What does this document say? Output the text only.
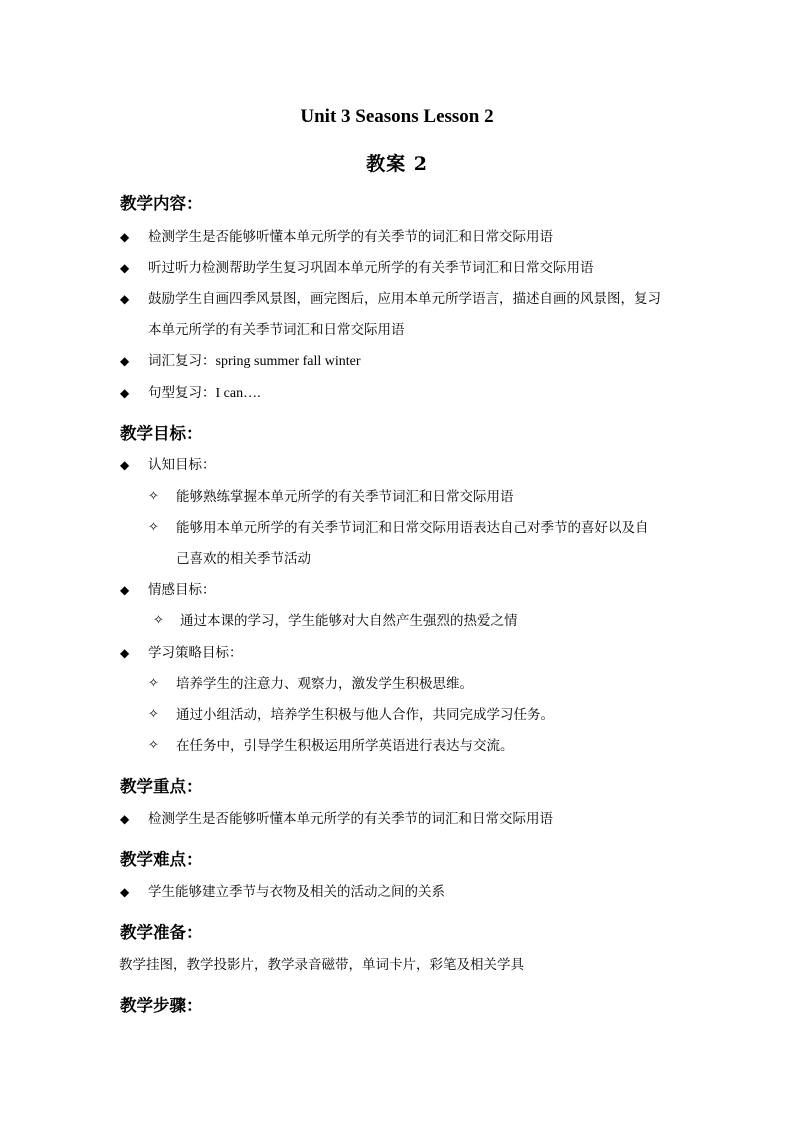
Unit 3 Seasons Lesson 2
教案 2
教学内容：
◆ 检测学生是否能够听懂本单元所学的有关季节的词汇和日常交际用语
◆ 听过听力检测帮助学生复习巩固本单元所学的有关季节词汇和日常交际用语
◆ 鼓励学生自画四季风景图，画完图后，应用本单元所学语言，描述自画的风景图，复习
本单元所学的有关季节词汇和日常交际用语
◆ 词汇复习：spring summer fall winter
◆ 句型复习：I can….
教学目标：
◆ 认知目标：
✧ 能够熟练掌握本单元所学的有关季节词汇和日常交际用语
✧ 能够用本单元所学的有关季节词汇和日常交际用语表达自己对季节的喜好以及自
己喜欢的相关季节活动
◆ 情感目标：
✧ 通过本课的学习，学生能够对大自然产生强烈的热爱之情
◆ 学习策略目标：
✧ 培养学生的注意力、观察力，激发学生积极思维。
✧ 通过小组活动，培养学生积极与他人合作，共同完成学习任务。
✧ 在任务中，引导学生积极运用所学英语进行表达与交流。
教学重点：
◆ 检测学生是否能够听懂本单元所学的有关季节的词汇和日常交际用语
教学难点：
◆ 学生能够建立季节与衣物及相关的活动之间的关系
教学准备：
教学挂图，教学投影片，教学录音磁带，单词卡片，彩笔及相关学具
教学步骤：
